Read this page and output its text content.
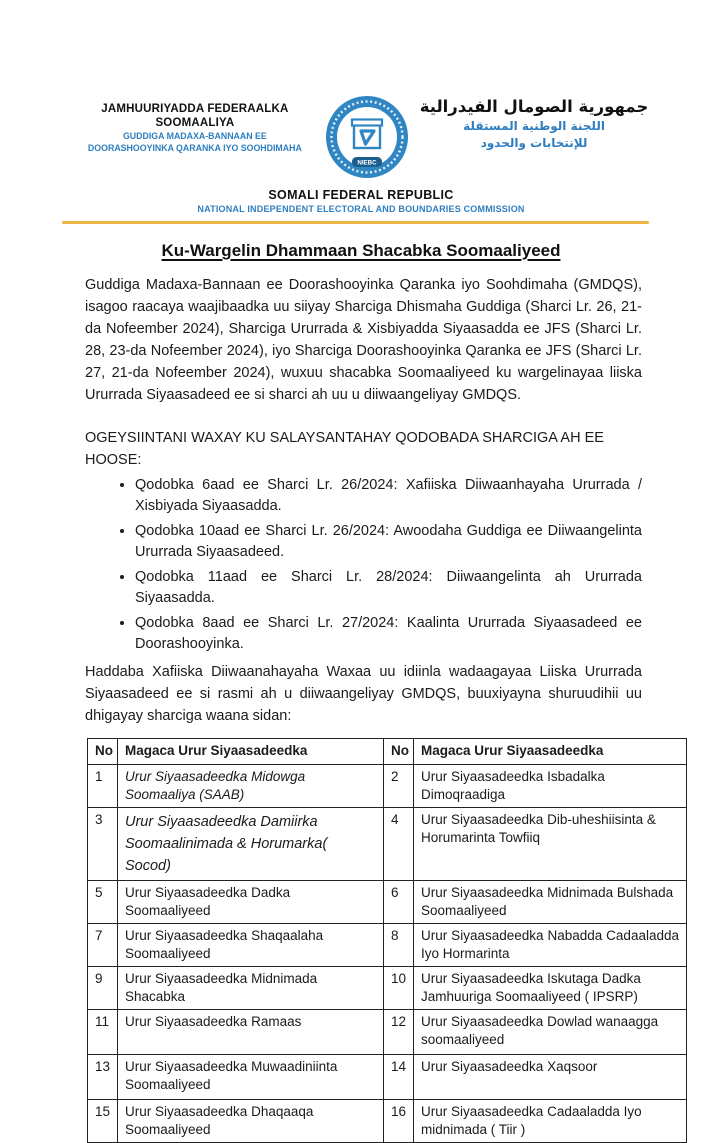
JAMHUURIYADDA FEDERAALKA SOOMAALIYA
GUDDIGA MADAXA-BANNAAN EE
DOORASHOOYINKA QARANKA IYO SOOHDIMAHA
NIEBC
جمهورية الصومال الفيدرالية
اللجنة الوطنية المستقلة
للإنتخابات والحدود
SOMALI FEDERAL REPUBLIC
NATIONAL INDEPENDENT ELECTORAL AND BOUNDARIES COMMISSION
Ku-Wargelin Dhammaan Shacabka Soomaaliyeed

Guddiga Madaxa-Bannaan ee Doorashooyinka Qaranka iyo Soohdimaha (GMDQS), isagoo raacaya waajibaadka uu siiyay Sharciga Dhismaha Guddiga (Sharci Lr. 26, 21-da Nofeember 2024), Sharciga Ururrada & Xisbiyadda Siyaasadda ee JFS (Sharci Lr. 28, 23-da Nofeember 2024), iyo Sharciga Doorashooyinka Qaranka ee JFS (Sharci Lr. 27, 21-da Nofeember 2024), wuxuu shacabka Soomaaliyeed ku wargelinayaa liiska Ururrada Siyaasadeed ee si sharci ah uu u diiwaangeliyay GMDQS.

OGEYSIINTANI WAXAY KU SALAYSANTAHAY QODOBADA SHARCIGA AH EE HOOSE:

• Qodobka 6aad ee Sharci Lr. 26/2024: Xafiiska Diiwaanhayaha Ururrada / Xisbiyada Siyaasadda.
• Qodobka 10aad ee Sharci Lr. 26/2024: Awoodaha Guddiga ee Diiwaangelinta Ururrada Siyaasadeed.
• Qodobka 11aad ee Sharci Lr. 28/2024: Diiwaangelinta ah Ururrada Siyaasadda.
• Qodobka 8aad ee Sharci Lr. 27/2024: Kaalinta Ururrada Siyaasadeed ee Doorashooyinka.

Haddaba Xafiiska Diiwaanahayaha Waxaa uu idiinla wadaagayaa Liiska Ururrada Siyaasadeed ee si rasmi ah u diiwaangeliyay GMDQS, buuxiyayna shuruudihii uu dhigayay sharciga waana sidan:

No	Magaca Urur Siyaasadeedka	No	Magaca Urur Siyaasadeedka
1	Urur Siyaasadeedka Midowga Soomaaliya (SAAB)	2	Urur Siyaasadeedka Isbadalka Dimoqraadiga
3	Urur Siyaasadeedka Damiirka Soomaalinimada & Horumarka( Socod)	4	Urur Siyaasadeedka Dib-uheshiisinta & Horumarinta Towfiiq
5	Urur Siyaasadeedka Dadka Soomaaliyeed	6	Urur Siyaasadeedka Midnimada Bulshada Soomaaliyeed
7	Urur Siyaasadeedka Shaqaalaha Soomaaliyeed	8	Urur Siyaasadeedka Nabadda Cadaaladda Iyo Hormarinta
9	Urur Siyaasadeedka Midnimada Shacabka	10	Urur Siyaasadeedka Iskutaga Dadka Jamhuuriga Soomaaliyeed ( IPSRP)
11	Urur Siyaasadeedka Ramaas	12	Urur Siyaasadeedka Dowlad wanaagga soomaaliyeed
13	Urur Siyaasadeedka Muwaadiniinta Soomaaliyeed	14	Urur Siyaasadeedka Xaqsoor
15	Urur Siyaasadeedka Dhaqaaqa Soomaaliyeed	16	Urur Siyaasadeedka Cadaaladda Iyo midnimada ( Tiir )
